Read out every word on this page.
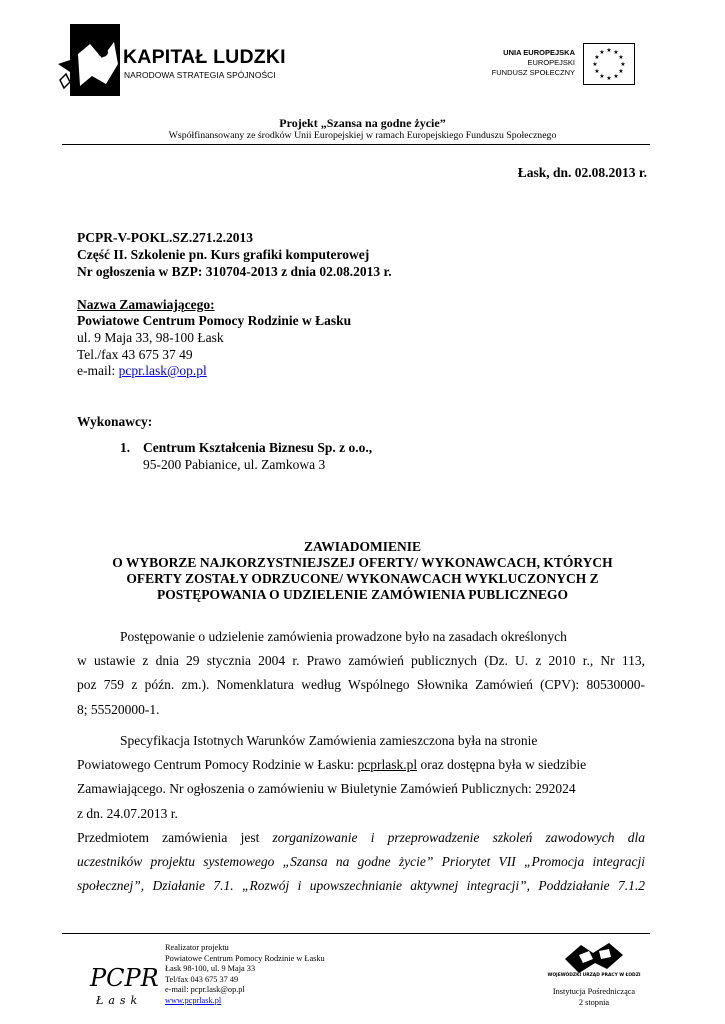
KAPITAŁ LUDZKI
NARODOWA STRATEGIA SPÓJNOŚCI
UNIA EUROPEJSKA
EUROPEJSKI
FUNDUSZ SPOŁECZNY
★ ★
★
★
★
★
★
★
★
★
★
★
Projekt „Szansa na godne życie”
Współfinansowany ze środków Unii Europejskiej w ramach Europejskiego Funduszu Społecznego
Łask, dn. 02.08.2013 r.
PCPR-V-POKL.SZ.271.2.2013
Część II. Szkolenie pn. Kurs grafiki komputerowej
Nr ogłoszenia w BZP: 310704-2013 z dnia 02.08.2013 r.
Nazwa Zamawiającego:
Powiatowe Centrum Pomocy Rodzinie w Łasku
ul. 9 Maja 33, 98-100 Łask
Tel./fax 43 675 37 49
e-mail: pcpr.lask@op.pl
Wykonawcy:
1. Centrum Kształcenia Biznesu Sp. z o.o.,
95-200 Pabianice, ul. Zamkowa 3
ZAWIADOMIENIE
O WYBORZE NAJKORZYSTNIEJSZEJ OFERTY/ WYKONAWCACH, KTÓRYCH
OFERTY ZOSTAŁY ODRZUCONE/ WYKONAWCACH WYKLUCZONYCH Z
POSTĘPOWANIA O UDZIELENIE ZAMÓWIENIA PUBLICZNEGO
Postępowanie o udzielenie zamówienia prowadzone było na zasadach określonych
w ustawie z dnia 29 stycznia 2004 r. Prawo zamówień publicznych (Dz. U. z 2010 r., Nr 113,
poz 759 z późn. zm.). Nomenklatura według Wspólnego Słownika Zamówień (CPV): 80530000-
8; 55520000-1.
Specyfikacja Istotnych Warunków Zamówienia zamieszczona była na stronie
Powiatowego Centrum Pomocy Rodzinie w Łasku: pcprlask.pl oraz dostępna była w siedzibie
Zamawiającego. Nr ogłoszenia o zamówieniu w Biuletynie Zamówień Publicznych: 292024
z dn. 24.07.2013 r.
Przedmiotem zamówienia jest zorganizowanie i przeprowadzenie szkoleń zawodowych dla
uczestników projektu systemowego „Szansa na godne życie” Priorytet VII „Promocja integracji
społecznej”, Działanie 7.1. „Rozwój i upowszechnianie aktywnej integracji”, Poddziałanie 7.1.2
PCPR
Łask
Realizator projektu
Powiatowe Centrum Pomocy Rodzinie w Łasku
Łask 98-100, ul. 9 Maja 33
Tel/fax 043 675 37 49
e-mail: pcpr.lask@op.pl
www.pcprlask.pl
WOJEWÓDZKI URZĄD PRACY W ŁODZI
Instytucja Pośrednicząca
2 stopnia
